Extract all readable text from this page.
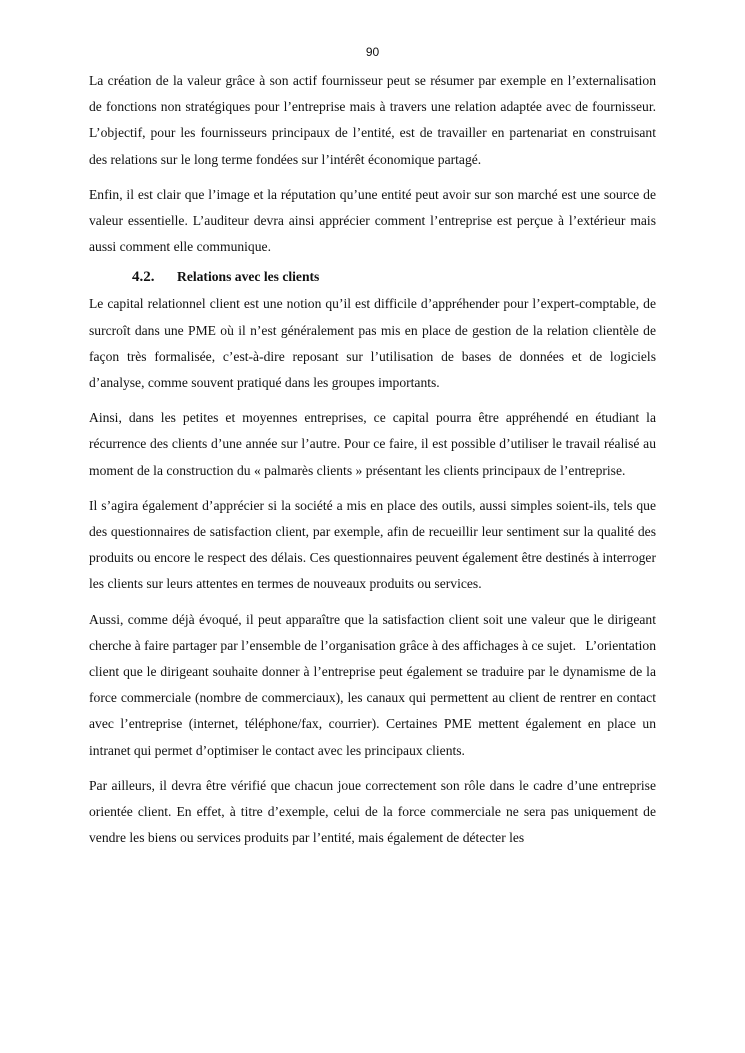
90

La création de la valeur grâce à son actif fournisseur peut se résumer par exemple en l’externalisation de fonctions non stratégiques pour l’entreprise mais à travers une relation adaptée avec de fournisseur. L’objectif, pour les fournisseurs principaux de l’entité, est de travailler en partenariat en construisant des relations sur le long terme fondées sur l’intérêt économique partagé.

Enfin, il est clair que l’image et la réputation qu’une entité peut avoir sur son marché est une source de valeur essentielle. L’auditeur devra ainsi apprécier comment l’entreprise est perçue à l’extérieur mais aussi comment elle communique.

4.2.	Relations avec les clients

Le capital relationnel client est une notion qu’il est difficile d’appréhender pour l’expert-comptable, de surcroît dans une PME où il n’est généralement pas mis en place de gestion de la relation clientèle de façon très formalisée, c’est-à-dire reposant sur l’utilisation de bases de données et de logiciels d’analyse, comme souvent pratiqué dans les groupes importants.

Ainsi, dans les petites et moyennes entreprises, ce capital pourra être appréhendé en étudiant la récurrence des clients d’une année sur l’autre. Pour ce faire, il est possible d’utiliser le travail réalisé au moment de la construction du « palmarès clients » présentant les clients principaux de l’entreprise.

Il s’agira également d’apprécier si la société a mis en place des outils, aussi simples soient-ils, tels que des questionnaires de satisfaction client, par exemple, afin de recueillir leur sentiment sur la qualité des produits ou encore le respect des délais. Ces questionnaires peuvent également être destinés à interroger les clients sur leurs attentes en termes de nouveaux produits ou services.

Aussi, comme déjà évoqué, il peut apparaître que la satisfaction client soit une valeur que le dirigeant cherche à faire partager par l’ensemble de l’organisation grâce à des affichages à ce sujet. L’orientation client que le dirigeant souhaite donner à l’entreprise peut également se traduire par le dynamisme de la force commerciale (nombre de commerciaux), les canaux qui permettent au client de rentrer en contact avec l’entreprise (internet, téléphone/fax, courrier). Certaines PME mettent également en place un intranet qui permet d’optimiser le contact avec les principaux clients.

Par ailleurs, il devra être vérifié que chacun joue correctement son rôle dans le cadre d’une entreprise orientée client. En effet, à titre d’exemple, celui de la force commerciale ne sera pas uniquement de vendre les biens ou services produits par l’entité, mais également de détecter les
